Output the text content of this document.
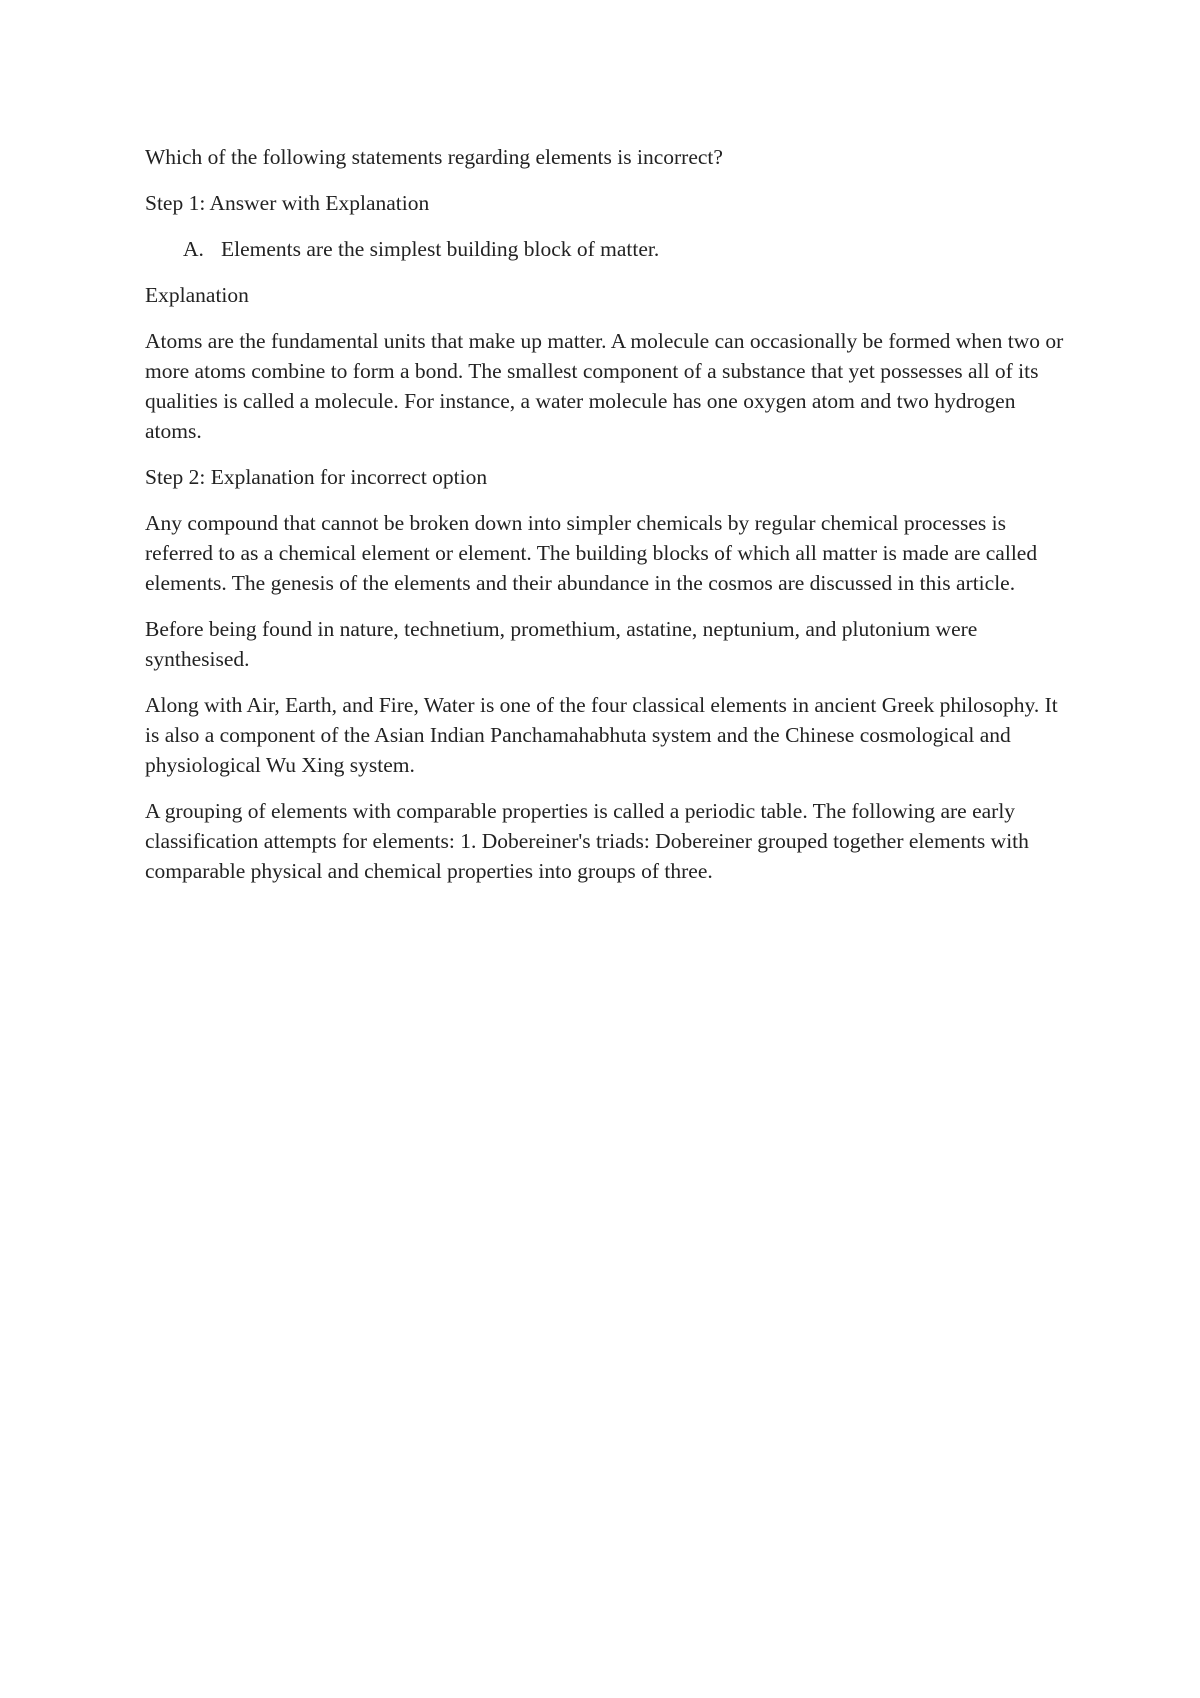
Which of the following statements regarding elements is incorrect?

Step 1: Answer with Explanation

A. Elements are the simplest building block of matter.

Explanation

Atoms are the fundamental units that make up matter. A molecule can occasionally be formed when two or more atoms combine to form a bond. The smallest component of a substance that yet possesses all of its qualities is called a molecule. For instance, a water molecule has one oxygen atom and two hydrogen atoms.

Step 2: Explanation for incorrect option

Any compound that cannot be broken down into simpler chemicals by regular chemical processes is referred to as a chemical element or element. The building blocks of which all matter is made are called elements. The genesis of the elements and their abundance in the cosmos are discussed in this article.

Before being found in nature, technetium, promethium, astatine, neptunium, and plutonium were synthesised.

Along with Air, Earth, and Fire, Water is one of the four classical elements in ancient Greek philosophy. It is also a component of the Asian Indian Panchamahabhuta system and the Chinese cosmological and physiological Wu Xing system.

A grouping of elements with comparable properties is called a periodic table. The following are early classification attempts for elements: 1. Dobereiner's triads: Dobereiner grouped together elements with comparable physical and chemical properties into groups of three.
